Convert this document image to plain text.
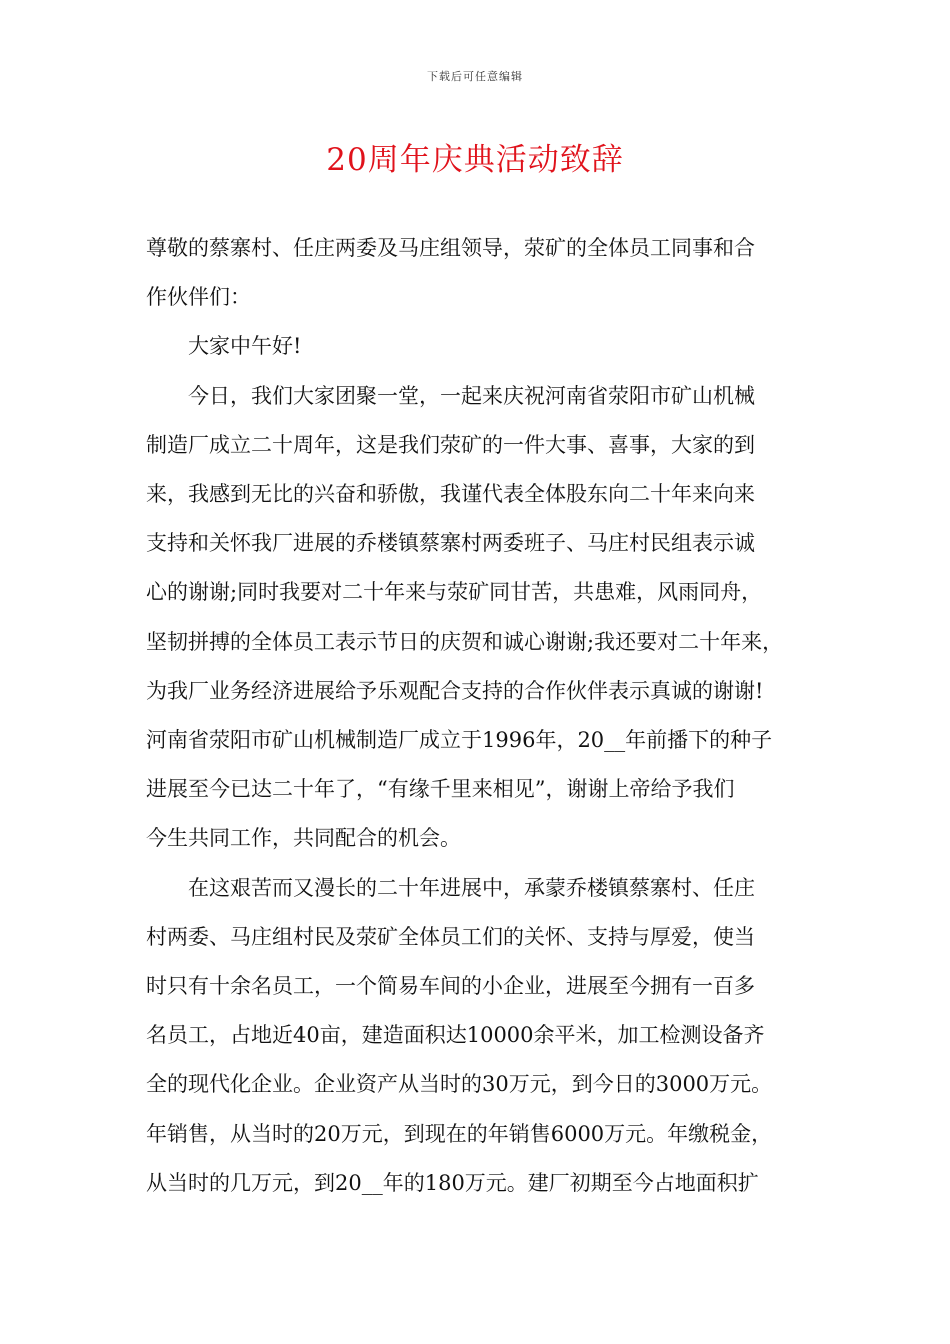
下载后可任意编辑
20周年庆典活动致辞

尊敬的蔡寨村、任庄两委及马庄组领导，荥矿的全体员工同事和合
作伙伴们：

大家中午好!

　　今日，我们大家团聚一堂，一起来庆祝河南省荥阳市矿山机械
制造厂成立二十周年，这是我们荥矿的一件大事、喜事，大家的到
来，我感到无比的兴奋和骄傲，我谨代表全体股东向二十年来向来
支持和关怀我厂进展的乔楼镇蔡寨村两委班子、马庄村民组表示诚
心的谢谢;同时我要对二十年来与荥矿同甘苦，共患难，风雨同舟，
坚韧拼搏的全体员工表示节日的庆贺和诚心谢谢;我还要对二十年来，
为我厂业务经济进展给予乐观配合支持的合作伙伴表示真诚的谢谢!
河南省荥阳市矿山机械制造厂成立于1996年，20__年前播下的种子
进展至今已达二十年了，“有缘千里来相见”，谢谢上帝给予我们
今生共同工作，共同配合的机会。

　　在这艰苦而又漫长的二十年进展中，承蒙乔楼镇蔡寨村、任庄
村两委、马庄组村民及荥矿全体员工们的关怀、支持与厚爱，使当
时只有十余名员工，一个简易车间的小企业，进展至今拥有一百多
名员工，占地近40亩，建造面积达10000余平米，加工检测设备齐
全的现代化企业。企业资产从当时的30万元，到今日的3000万元。
年销售，从当时的20万元，到现在的年销售6000万元。年缴税金，
从当时的几万元，到20__年的180万元。建厂初期至今占地面积扩
